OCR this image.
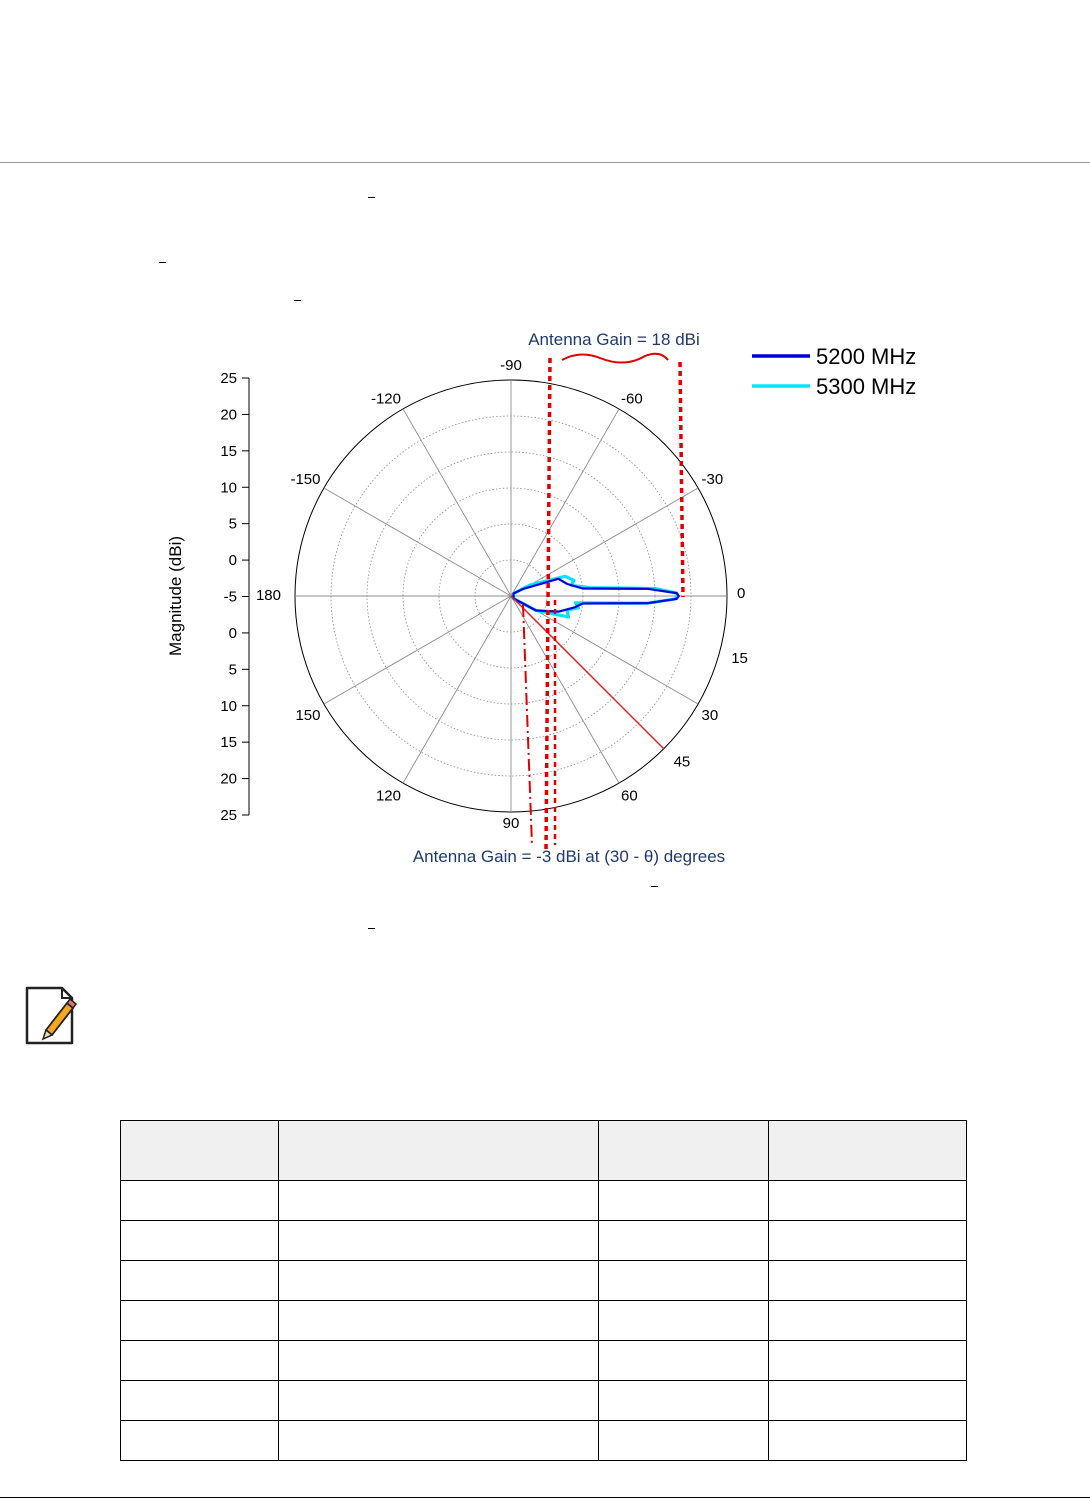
25
20
15
10
5
0
-5
0
5
10
15
20
25
Magnitude (dBi)
-90
-60
-30
0
15
30
45
60
90
120
150
180
-150
-120
5200 MHz
5300 MHz
Antenna Gain = 18 dBi
Antenna Gain = -3 dBi at (30 - θ) degrees
